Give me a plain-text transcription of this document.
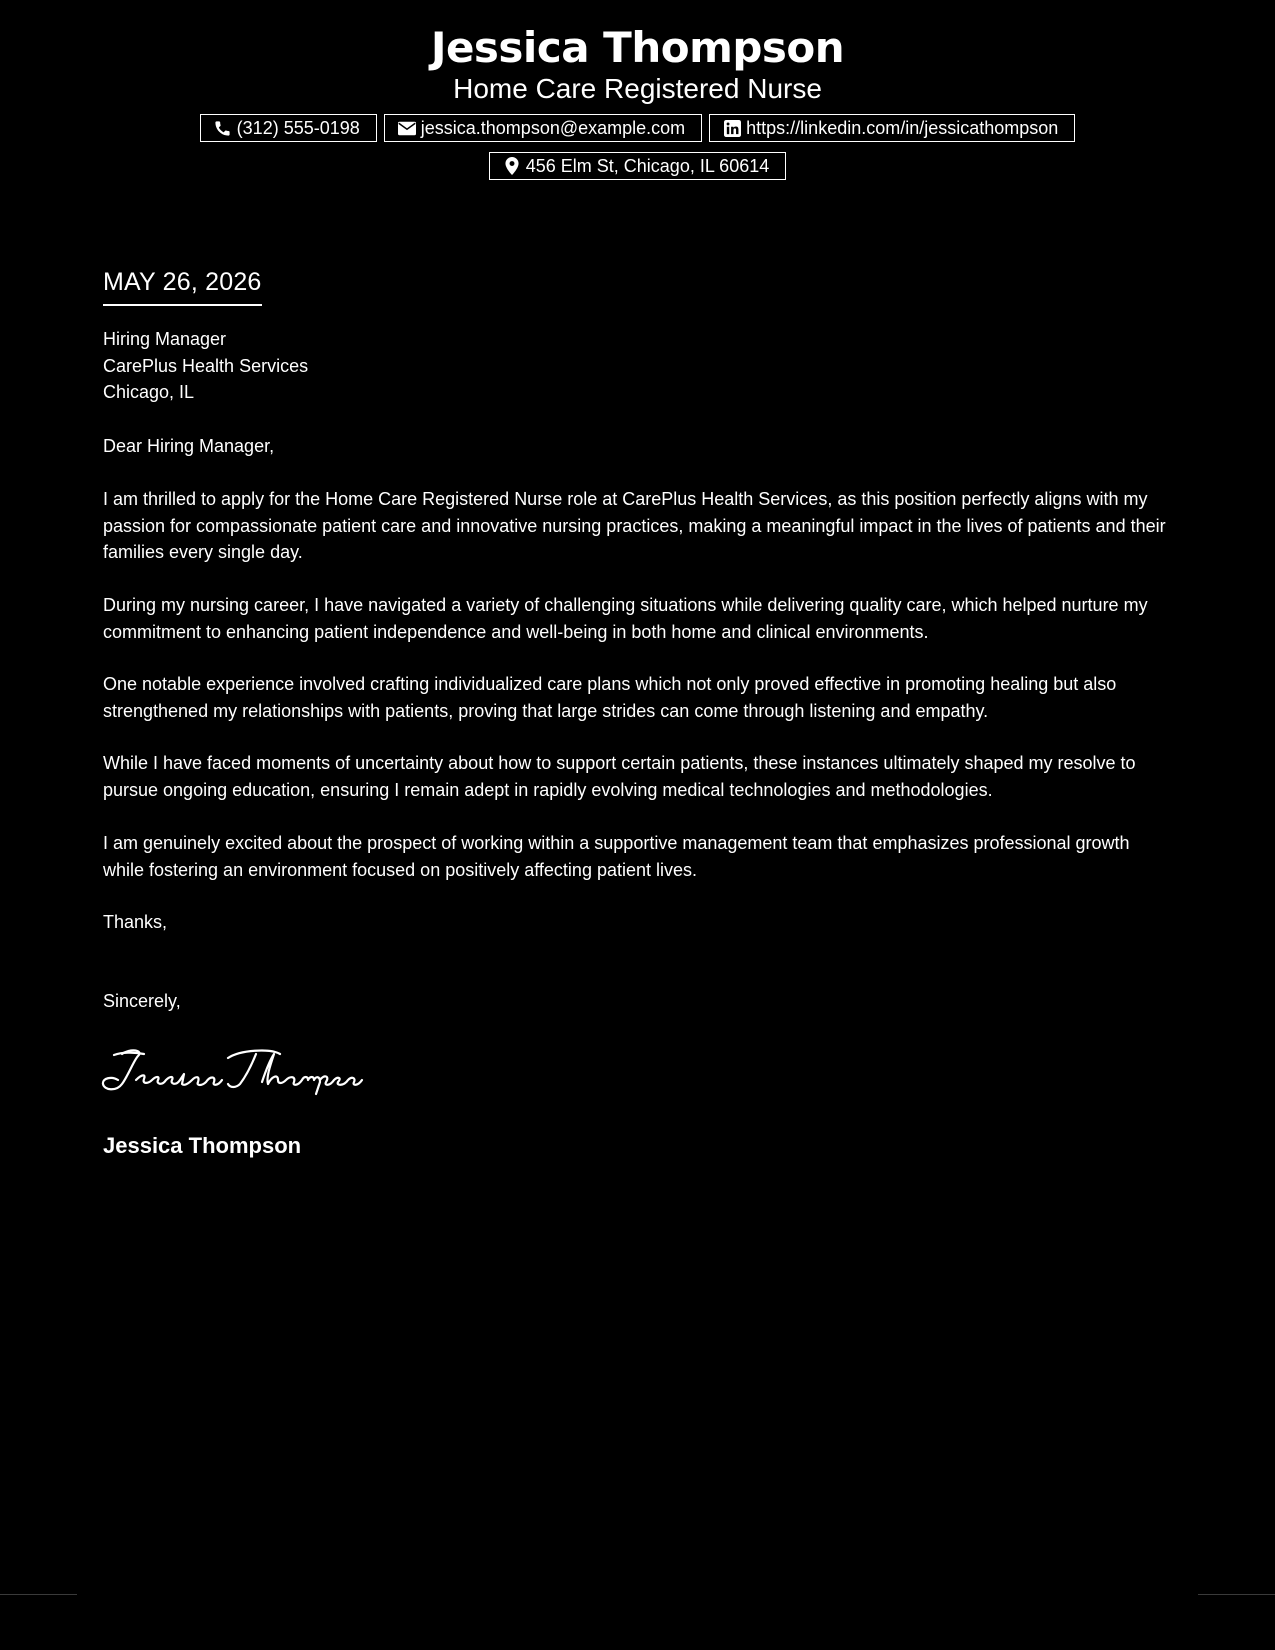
Jessica Thompson
Home Care Registered Nurse
(312) 555-0198	jessica.thompson@example.com	https://linkedin.com/in/jessicathompson
456 Elm St, Chicago, IL 60614
MAY 26, 2026
Hiring Manager
CarePlus Health Services
Chicago, IL
Dear Hiring Manager,

I am thrilled to apply for the Home Care Registered Nurse role at CarePlus Health Services, as this position perfectly aligns with my passion for compassionate patient care and innovative nursing practices, making a meaningful impact in the lives of patients and their families every single day.

During my nursing career, I have navigated a variety of challenging situations while delivering quality care, which helped nurture my commitment to enhancing patient independence and well-being in both home and clinical environments.

One notable experience involved crafting individualized care plans which not only proved effective in promoting healing but also strengthened my relationships with patients, proving that large strides can come through listening and empathy.

While I have faced moments of uncertainty about how to support certain patients, these instances ultimately shaped my resolve to pursue ongoing education, ensuring I remain adept in rapidly evolving medical technologies and methodologies.

I am genuinely excited about the prospect of working within a supportive management team that emphasizes professional growth while fostering an environment focused on positively affecting patient lives.

Thanks,
Sincerely,
Jessica Thompson
